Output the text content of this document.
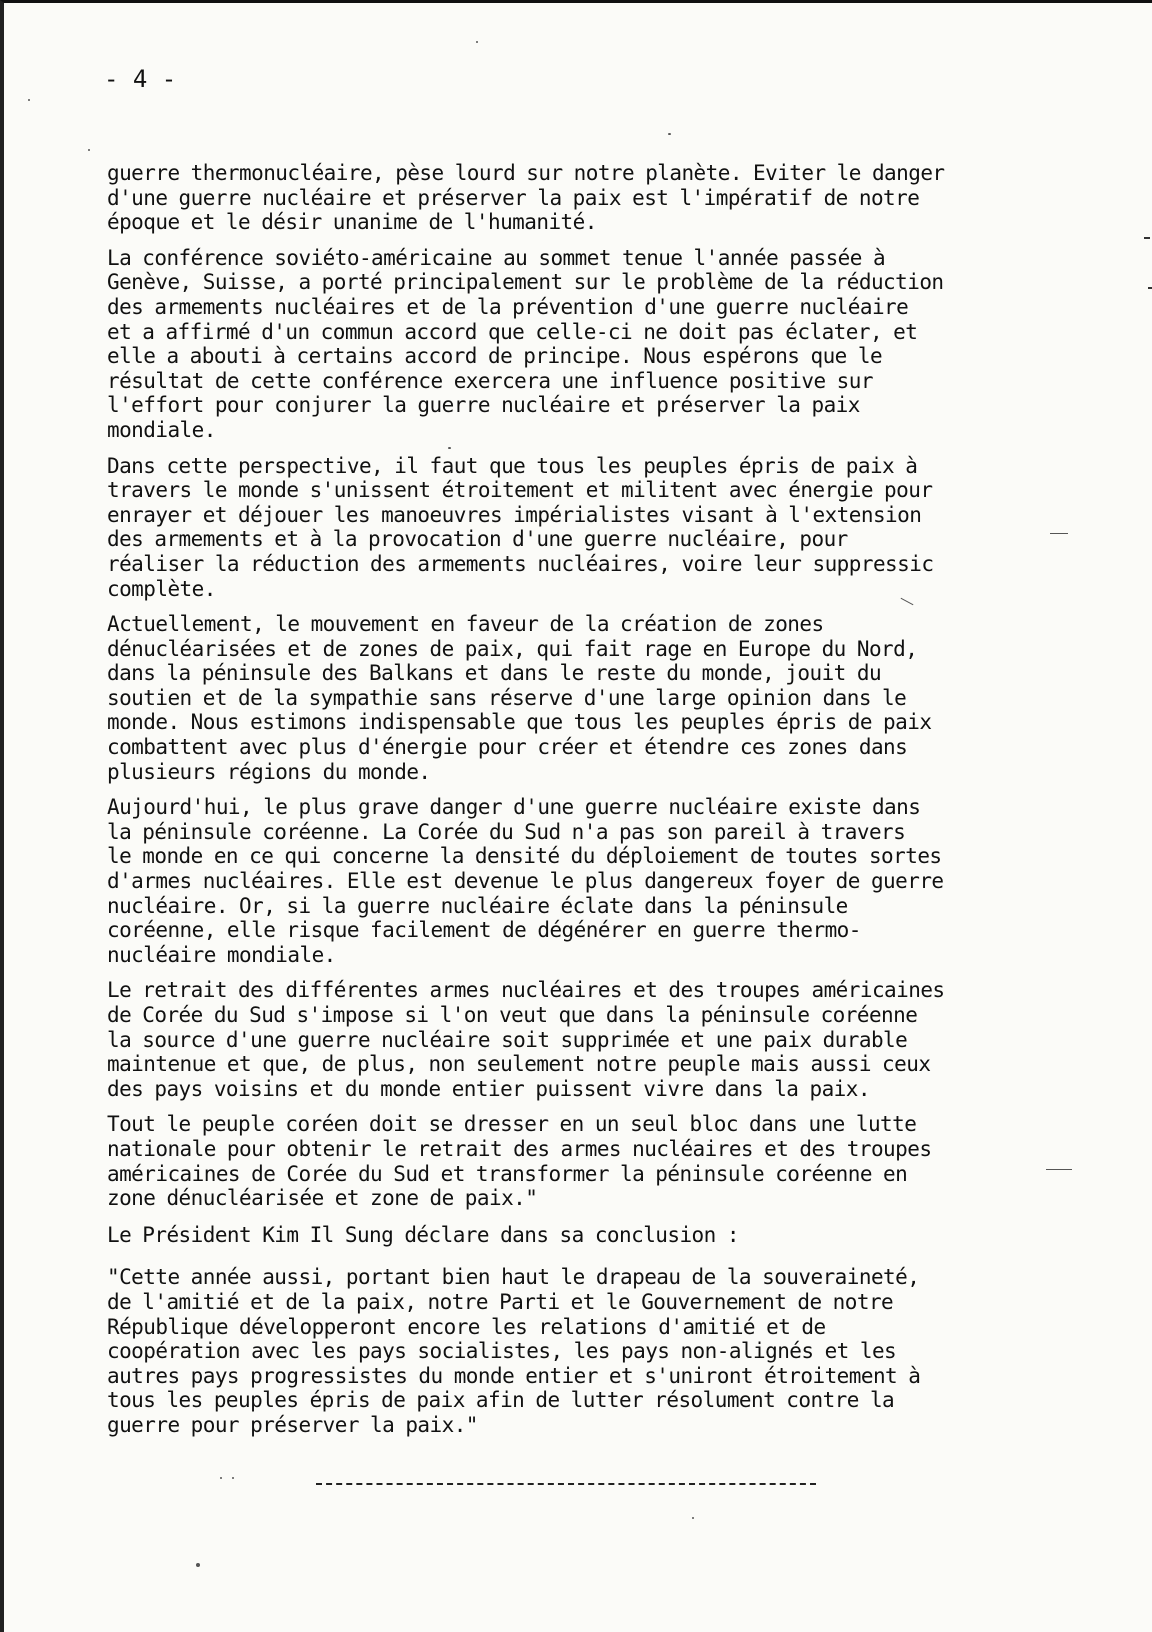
- 4 -
guerre thermonucléaire, pèse lourd sur notre planète. Eviter le danger
d'une guerre nucléaire et préserver la paix est l'impératif de notre
époque et le désir unanime de l'humanité.
La conférence soviéto-américaine au sommet tenue l'année passée à
Genève, Suisse, a porté principalement sur le problème de la réduction
des armements nucléaires et de la prévention d'une guerre nucléaire
et a affirmé d'un commun accord que celle-ci ne doit pas éclater, et
elle a abouti à certains accord de principe. Nous espérons que le
résultat de cette conférence exercera une influence positive sur
l'effort pour conjurer la guerre nucléaire et préserver la paix
mondiale.
Dans cette perspective, il faut que tous les peuples épris de paix à
travers le monde s'unissent étroitement et militent avec énergie pour
enrayer et déjouer les manoeuvres impérialistes visant à l'extension
des armements et à la provocation d'une guerre nucléaire, pour
réaliser la réduction des armements nucléaires, voire leur suppressic
complète.
Actuellement, le mouvement en faveur de la création de zones
dénucléarisées et de zones de paix, qui fait rage en Europe du Nord,
dans la péninsule des Balkans et dans le reste du monde, jouit du
soutien et de la sympathie sans réserve d'une large opinion dans le
monde. Nous estimons indispensable que tous les peuples épris de paix
combattent avec plus d'énergie pour créer et étendre ces zones dans
plusieurs régions du monde.
Aujourd'hui, le plus grave danger d'une guerre nucléaire existe dans
la péninsule coréenne. La Corée du Sud n'a pas son pareil à travers
le monde en ce qui concerne la densité du déploiement de toutes sortes
d'armes nucléaires. Elle est devenue le plus dangereux foyer de guerre
nucléaire. Or, si la guerre nucléaire éclate dans la péninsule
coréenne, elle risque facilement de dégénérer en guerre thermo-
nucléaire mondiale.
Le retrait des différentes armes nucléaires et des troupes américaines
de Corée du Sud s'impose si l'on veut que dans la péninsule coréenne
la source d'une guerre nucléaire soit supprimée et une paix durable
maintenue et que, de plus, non seulement notre peuple mais aussi ceux
des pays voisins et du monde entier puissent vivre dans la paix.
Tout le peuple coréen doit se dresser en un seul bloc dans une lutte
nationale pour obtenir le retrait des armes nucléaires et des troupes
américaines de Corée du Sud et transformer la péninsule coréenne en
zone dénucléarisée et zone de paix."
Le Président Kim Il Sung déclare dans sa conclusion :
"Cette année aussi, portant bien haut le drapeau de la souveraineté,
de l'amitié et de la paix, notre Parti et le Gouvernement de notre
République développeront encore les relations d'amitié et de
coopération avec les pays socialistes, les pays non-alignés et les
autres pays progressistes du monde entier et s'uniront étroitement à
tous les peuples épris de paix afin de lutter résolument contre la
guerre pour préserver la paix."
